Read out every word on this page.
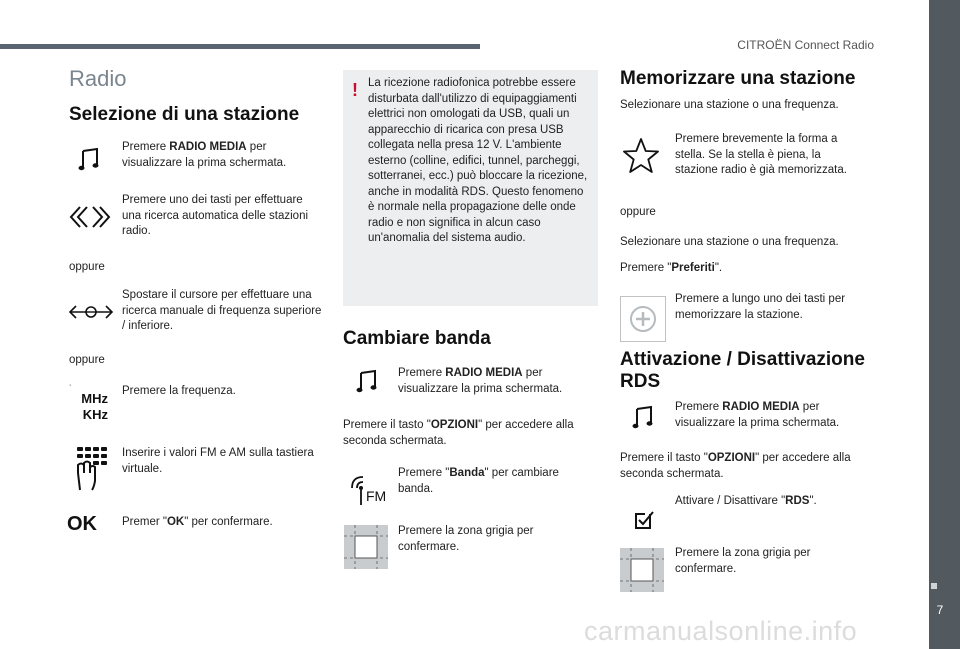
CITROËN Connect Radio
7
Radio
Selezione di una stazione
Premere RADIO MEDIA per visualizzare la prima schermata.
Premere uno dei tasti per effettuare una ricerca automatica delle stazioni radio.
oppure
Spostare il cursore per effettuare una ricerca manuale di frequenza superiore / inferiore.
oppure
˙
MHz
KHz
Premere la frequenza.
Inserire i valori FM e AM sulla tastiera virtuale.
OK Premer "OK" per confermare.
! La ricezione radiofonica potrebbe essere disturbata dall'utilizzo di equipaggiamenti elettrici non omologati da USB, quali un apparecchio di ricarica con presa USB collegata nella presa 12 V. L'ambiente esterno (colline, edifici, tunnel, parcheggi, sotterranei, ecc.) può bloccare la ricezione, anche in modalità RDS. Questo fenomeno è normale nella propagazione delle onde radio e non significa in alcun caso un'anomalia del sistema audio.
Cambiare banda
Premere RADIO MEDIA per visualizzare la prima schermata.
Premere il tasto "OPZIONI" per accedere alla seconda schermata.
FM
Premere "Banda" per cambiare banda.
Premere la zona grigia per confermare.
Memorizzare una stazione
Selezionare una stazione o una frequenza.
Premere brevemente la forma a stella. Se la stella è piena, la stazione radio è già memorizzata.
oppure
Selezionare una stazione o una frequenza.
Premere "Preferiti".
Premere a lungo uno dei tasti per memorizzare la stazione.
Attivazione / Disattivazione
RDS
Premere RADIO MEDIA per visualizzare la prima schermata.
Premere il tasto "OPZIONI" per accedere alla seconda schermata.
Attivare / Disattivare "RDS".
Premere la zona grigia per confermare.
carmanualsonline.info
